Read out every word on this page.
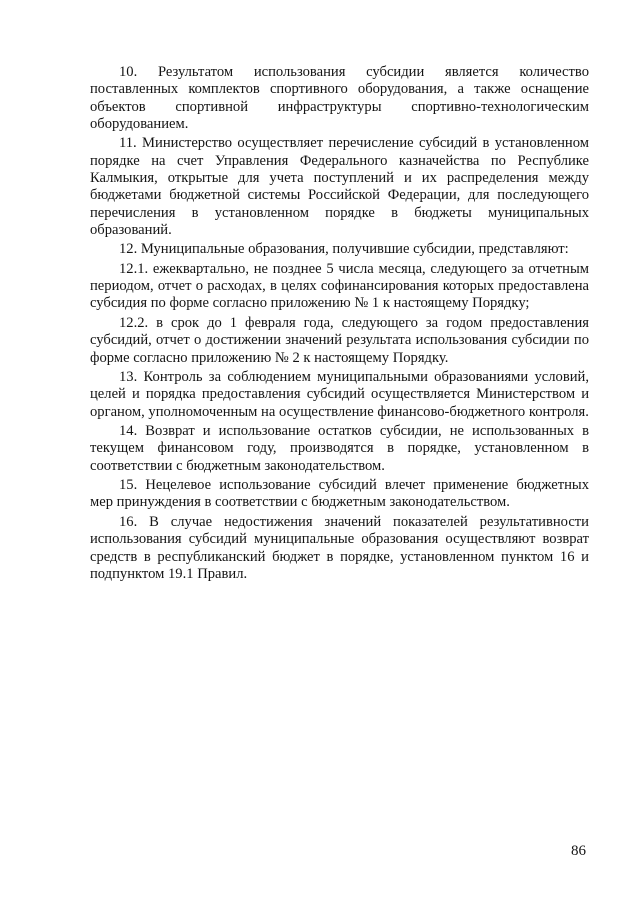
10. Результатом использования субсидии является количество поставленных комплектов спортивного оборудования, а также оснащение объектов спортивной инфраструктуры спортивно-технологическим оборудованием.

11. Министерство осуществляет перечисление субсидий в установленном порядке на счет Управления Федерального казначейства по Республике Калмыкия, открытые для учета поступлений и их распределения между бюджетами бюджетной системы Российской Федерации, для последующего перечисления в установленном порядке в бюджеты муниципальных образований.

12. Муниципальные образования, получившие субсидии, представляют:

12.1. ежеквартально, не позднее 5 числа месяца, следующего за отчетным периодом, отчет о расходах, в целях софинансирования которых предоставлена субсидия по форме согласно приложению № 1 к настоящему Порядку;

12.2. в срок до 1 февраля года, следующего за годом предоставления субсидий, отчет о достижении значений результата использования субсидии по форме согласно приложению № 2 к настоящему Порядку.

13. Контроль за соблюдением муниципальными образованиями условий, целей и порядка предоставления субсидий осуществляется Министерством и органом, уполномоченным на осуществление финансово-бюджетного контроля.

14. Возврат и использование остатков субсидии, не использованных в текущем финансовом году, производятся в порядке, установленном в соответствии с бюджетным законодательством.

15. Нецелевое использование субсидий влечет применение бюджетных мер принуждения в соответствии с бюджетным законодательством.

16. В случае недостижения значений показателей результативности использования субсидий муниципальные образования осуществляют возврат средств в республиканский бюджет в порядке, установленном пунктом 16 и подпунктом 19.1 Правил.

86
